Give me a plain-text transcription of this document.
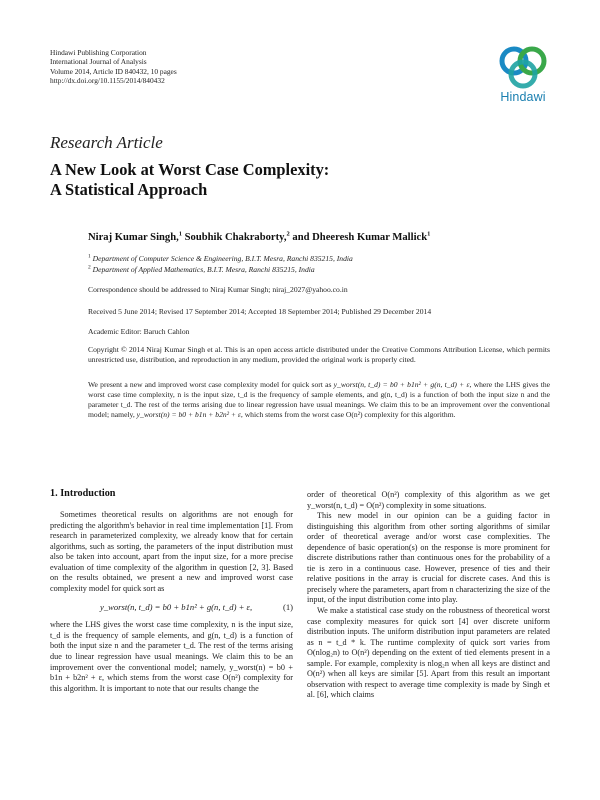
Hindawi Publishing Corporation
International Journal of Analysis
Volume 2014, Article ID 840432, 10 pages
http://dx.doi.org/10.1155/2014/840432
Hindawi
Research Article
A New Look at Worst Case Complexity:
A Statistical Approach
Niraj Kumar Singh,$^1$ Soubhik Chakraborty,$^2$ and Dheeresh Kumar Mallick$^1$
$^1$ Department of Computer Science & Engineering, B.I.T. Mesra, Ranchi 835215, India
$^2$ Department of Applied Mathematics, B.I.T. Mesra, Ranchi 835215, India
Correspondence should be addressed to Niraj Kumar Singh; niraj_2027@yahoo.co.in
Received 5 June 2014; Revised 17 September 2014; Accepted 18 September 2014; Published 29 December 2014
Academic Editor: Baruch Cahlon
Copyright © 2014 Niraj Kumar Singh et al. This is an open access article distributed under the Creative Commons Attribution License, which permits unrestricted use, distribution, and reproduction in any medium, provided the original work is properly cited.
We present a new and improved worst case complexity model for quick sort as y_worst(n, t_d) = b0 + b1n² + g(n, t_d) + ε, where the LHS gives the worst case time complexity, n is the input size, t_d is the frequency of sample elements, and g(n, t_d) is a function of both the input size n and the parameter t_d. The rest of the terms arising due to linear regression have usual meanings. We claim this to be an improvement over the conventional model; namely, y_worst(n) = b0 + b1n + b2n² + ε, which stems from the worst case O(n²) complexity for this algorithm.
1. Introduction

Sometimes theoretical results on algorithms are not enough for predicting the algorithm's behavior in real time implementation [1]. From research in parameterized complexity, we already know that for certain algorithms, such as sorting, the parameters of the input distribution must also be taken into account, apart from the input size, for a more precise evaluation of time complexity of the algorithm in question [2, 3]. Based on the results obtained, we present a new and improved worst case complexity model for quick sort as

y_worst(n, t_d) = b0 + b1n² + g(n, t_d) + ε,	(1)

where the LHS gives the worst case time complexity, n is the input size, t_d is the frequency of sample elements, and g(n, t_d) is a function of both the input size n and the parameter t_d. The rest of the terms arising due to linear regression have usual meanings. We claim this to be an improvement over the conventional model; namely, y_worst(n) = b0 + b1n + b2n² + ε, which stems from the worst case O(n²) complexity for this algorithm. It is important to note that our results change the

order of theoretical O(n²) complexity of this algorithm as we get y_worst(n, t_d) = O(n²) complexity in some situations.

This new model in our opinion can be a guiding factor in distinguishing this algorithm from other sorting algorithms of similar order of theoretical average and/or worst case complexities. The dependence of basic operation(s) on the response is more prominent for discrete distributions rather than continuous ones for the probability of a tie is zero in a continuous case. However, presence of ties and their relative positions in the array is crucial for discrete cases. And this is precisely where the parameters, apart from n characterizing the size of the input, of the input distribution come into play.

We make a statistical case study on the robustness of theoretical worst case complexity measures for quick sort [4] over discrete uniform distribution inputs. The uniform distribution input parameters are related as n = t_d * k. The runtime complexity of quick sort varies from O(nlog₂n) to O(n²) depending on the extent of tied elements present in a sample. For example, complexity is nlog₂n when all keys are distinct and O(n²) when all keys are similar [5]. Apart from this result an important observation with respect to average time complexity is made by Singh et al. [6], which claims
